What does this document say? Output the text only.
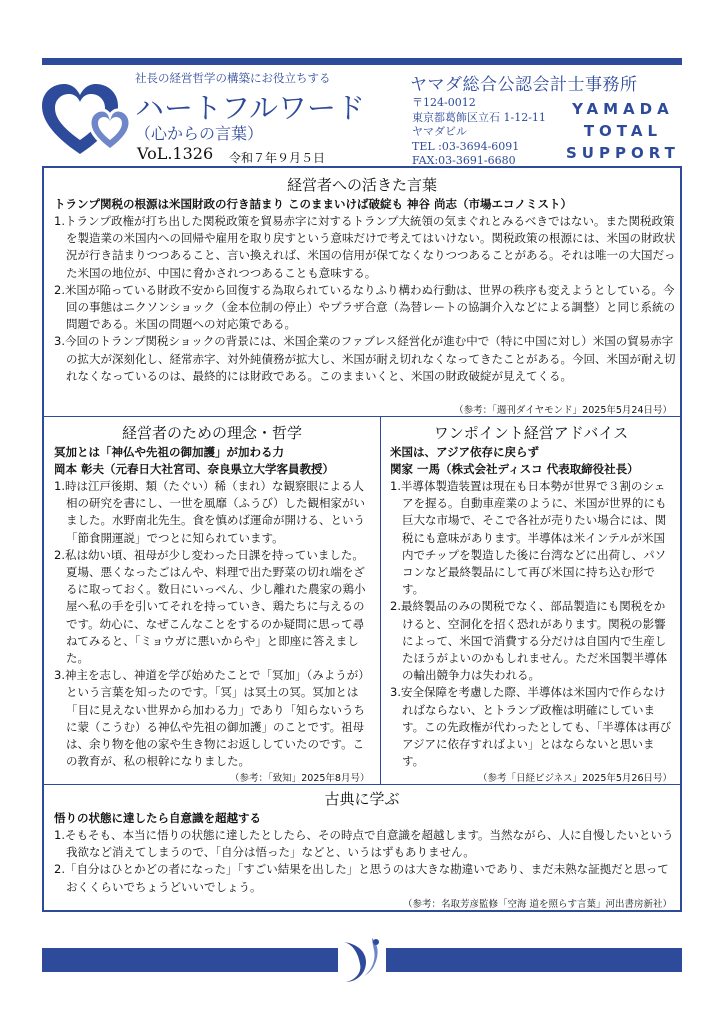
社長の経営哲学の構築にお役立ちする
ハートフルワード
（心からの言葉）
VoL.1326 令和７年９月５日
ヤマダ総合公認会計士事務所
〒124-0012
東京都葛飾区立石 1-12-11
ヤマダビル
TEL :03-3694-6091
FAX:03-3691-6680
YAMADA
TOTAL
SUPPORT
経営者への活きた言葉
トランプ関税の根源は米国財政の行き詰まり このままいけば破綻も 神谷 尚志（市場エコノミスト）

1.トランプ政権が打ち出した関税政策を貿易赤字に対するトランプ大統領の気まぐれとみるべきではない。また関税政策を製造業の米国内への回帰や雇用を取り戻すという意味だけで考えてはいけない。関税政策の根源には、米国の財政状況が行き詰まりつつあること、言い換えれば、米国の信用が保てなくなりつつあることがある。それは唯一の大国だった米国の地位が、中国に脅かされつつあることも意味する。

2.米国が陥っている財政不安から回復する為取られているなりふり構わぬ行動は、世界の秩序も変えようとしている。今回の事態はニクソンショック（金本位制の停止）やプラザ合意（為替レートの協調介入などによる調整）と同じ系統の問題である。米国の問題への対応策である。

3.今回のトランプ関税ショックの背景には、米国企業のファブレス経営化が進む中で（特に中国に対し）米国の貿易赤字の拡大が深刻化し、経常赤字、対外純債務が拡大し、米国が耐え切れなくなってきたことがある。今回、米国が耐え切れなくなっているのは、最終的には財政である。このままいくと、米国の財政破綻が見えてくる。

（参考：「週刊ダイヤモンド」2025年5月24日号）
経営者のための理念・哲学
冥加とは「神仏や先祖の御加護」が加わる力
岡本 彰夫（元春日大社宮司、奈良県立大学客員教授）

1.時は江戸後期、類（たぐい）稀（まれ）な観察眼による人相の研究を書にし、一世を風靡（ふうび）した観相家がいました。水野南北先生。食を慎めば運命が開ける、という「節食開運説」でつとに知られています。

2.私は幼い頃、祖母が少し変わった日課を持っていました。夏場、悪くなったごはんや、料理で出た野菜の切れ端をざるに取っておく。数日にいっぺん、少し離れた農家の鶏小屋へ私の手を引いてそれを持っていき、鶏たちに与えるのです。幼心に、なぜこんなことをするのか疑問に思って尋ねてみると、「ミョウガに悪いからや」と即座に答えました。

3.神主を志し、神道を学び始めたことで「冥加」（みようが）という言葉を知ったのです。「冥」は冥土の冥。冥加とは「目に見えない世界から加わる力」であり「知らないうちに蒙（こうむ）る神仏や先祖の御加護」のことです。祖母は、余り物を他の家や生き物にお返ししていたのです。この教育が、私の根幹になりました。

（参考：「致知」2025年8月号）
ワンポイント経営アドバイス
米国は、アジア依存に戻らず
関家 一馬（株式会社ディスコ 代表取締役社長）

1.半導体製造装置は現在も日本勢が世界で３割のシェアを握る。自動車産業のように、米国が世界的にも巨大な市場で、そこで各社が売りたい場合には、関税にも意味があります。半導体は米インテルが米国内でチップを製造した後に台湾などに出荷し、パソコンなど最終製品にして再び米国に持ち込む形です。

2.最終製品のみの関税でなく、部品製造にも関税をかけると、空洞化を招く恐れがあります。関税の影響によって、米国で消費する分だけは自国内で生産したほうがよいのかもしれません。ただ米国製半導体の輸出競争力は失われる。

3.安全保障を考慮した際、半導体は米国内で作らなければならない、とトランプ政権は明確にしています。この先政権が代わったとしても、「半導体は再びアジアに依存すればよい」とはならないと思います。

（参考「日経ビジネス」2025年5月26日号）
古典に学ぶ
悟りの状態に達したら自意識を超越する

1.そもそも、本当に悟りの状態に達したとしたら、その時点で自意識を超越します。当然ながら、人に自慢したいという我欲など消えてしまうので、「自分は悟った」などと、いうはずもありません。

2.「自分はひとかどの者になった」「すごい結果を出した」と思うのは大きな勘違いであり、まだ未熟な証拠だと思っておくくらいでちょうどいいでしょう。

（参考：名取芳彦監修「空海 道を照らす言葉」河出書房新社）
